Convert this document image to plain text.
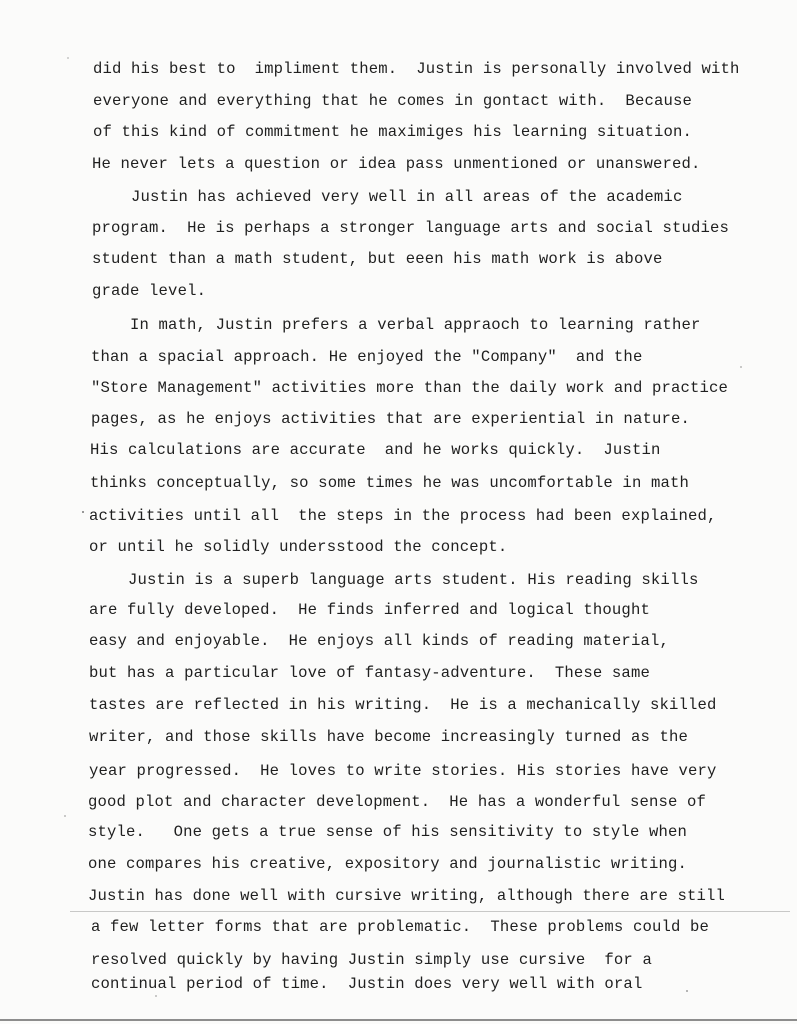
did his best to  impliment them.  Justin is personally involved with
everyone and everything that he comes in gontact with.  Because
of this kind of commitment he maximiges his learning situation.
He never lets a question or idea pass unmentioned or unanswered.
Justin has achieved very well in all areas of the academic
program.  He is perhaps a stronger language arts and social studies
student than a math student, but eeen his math work is above
grade level.
In math, Justin prefers a verbal appraoch to learning rather
than a spacial approach. He enjoyed the "Company"  and the
"Store Management" activities more than the daily work and practice
pages, as he enjoys activities that are experiential in nature.
His calculations are accurate  and he works quickly.  Justin
thinks conceptually, so some times he was uncomfortable in math
activities until all  the steps in the process had been explained,
or until he solidly undersstood the concept.
Justin is a superb language arts student. His reading skills
are fully developed.  He finds inferred and logical thought
easy and enjoyable.  He enjoys all kinds of reading material,
but has a particular love of fantasy-adventure.  These same
tastes are reflected in his writing.  He is a mechanically skilled
writer, and those skills have become increasingly turned as the
year progressed.  He loves to write stories. His stories have very
good plot and character development.  He has a wonderful sense of
style.   One gets a true sense of his sensitivity to style when
one compares his creative, expository and journalistic writing.
Justin has done well with cursive writing, although there are still
a few letter forms that are problematic.  These problems could be
resolved quickly by having Justin simply use cursive  for a
continual period of time.  Justin does very well with oral
